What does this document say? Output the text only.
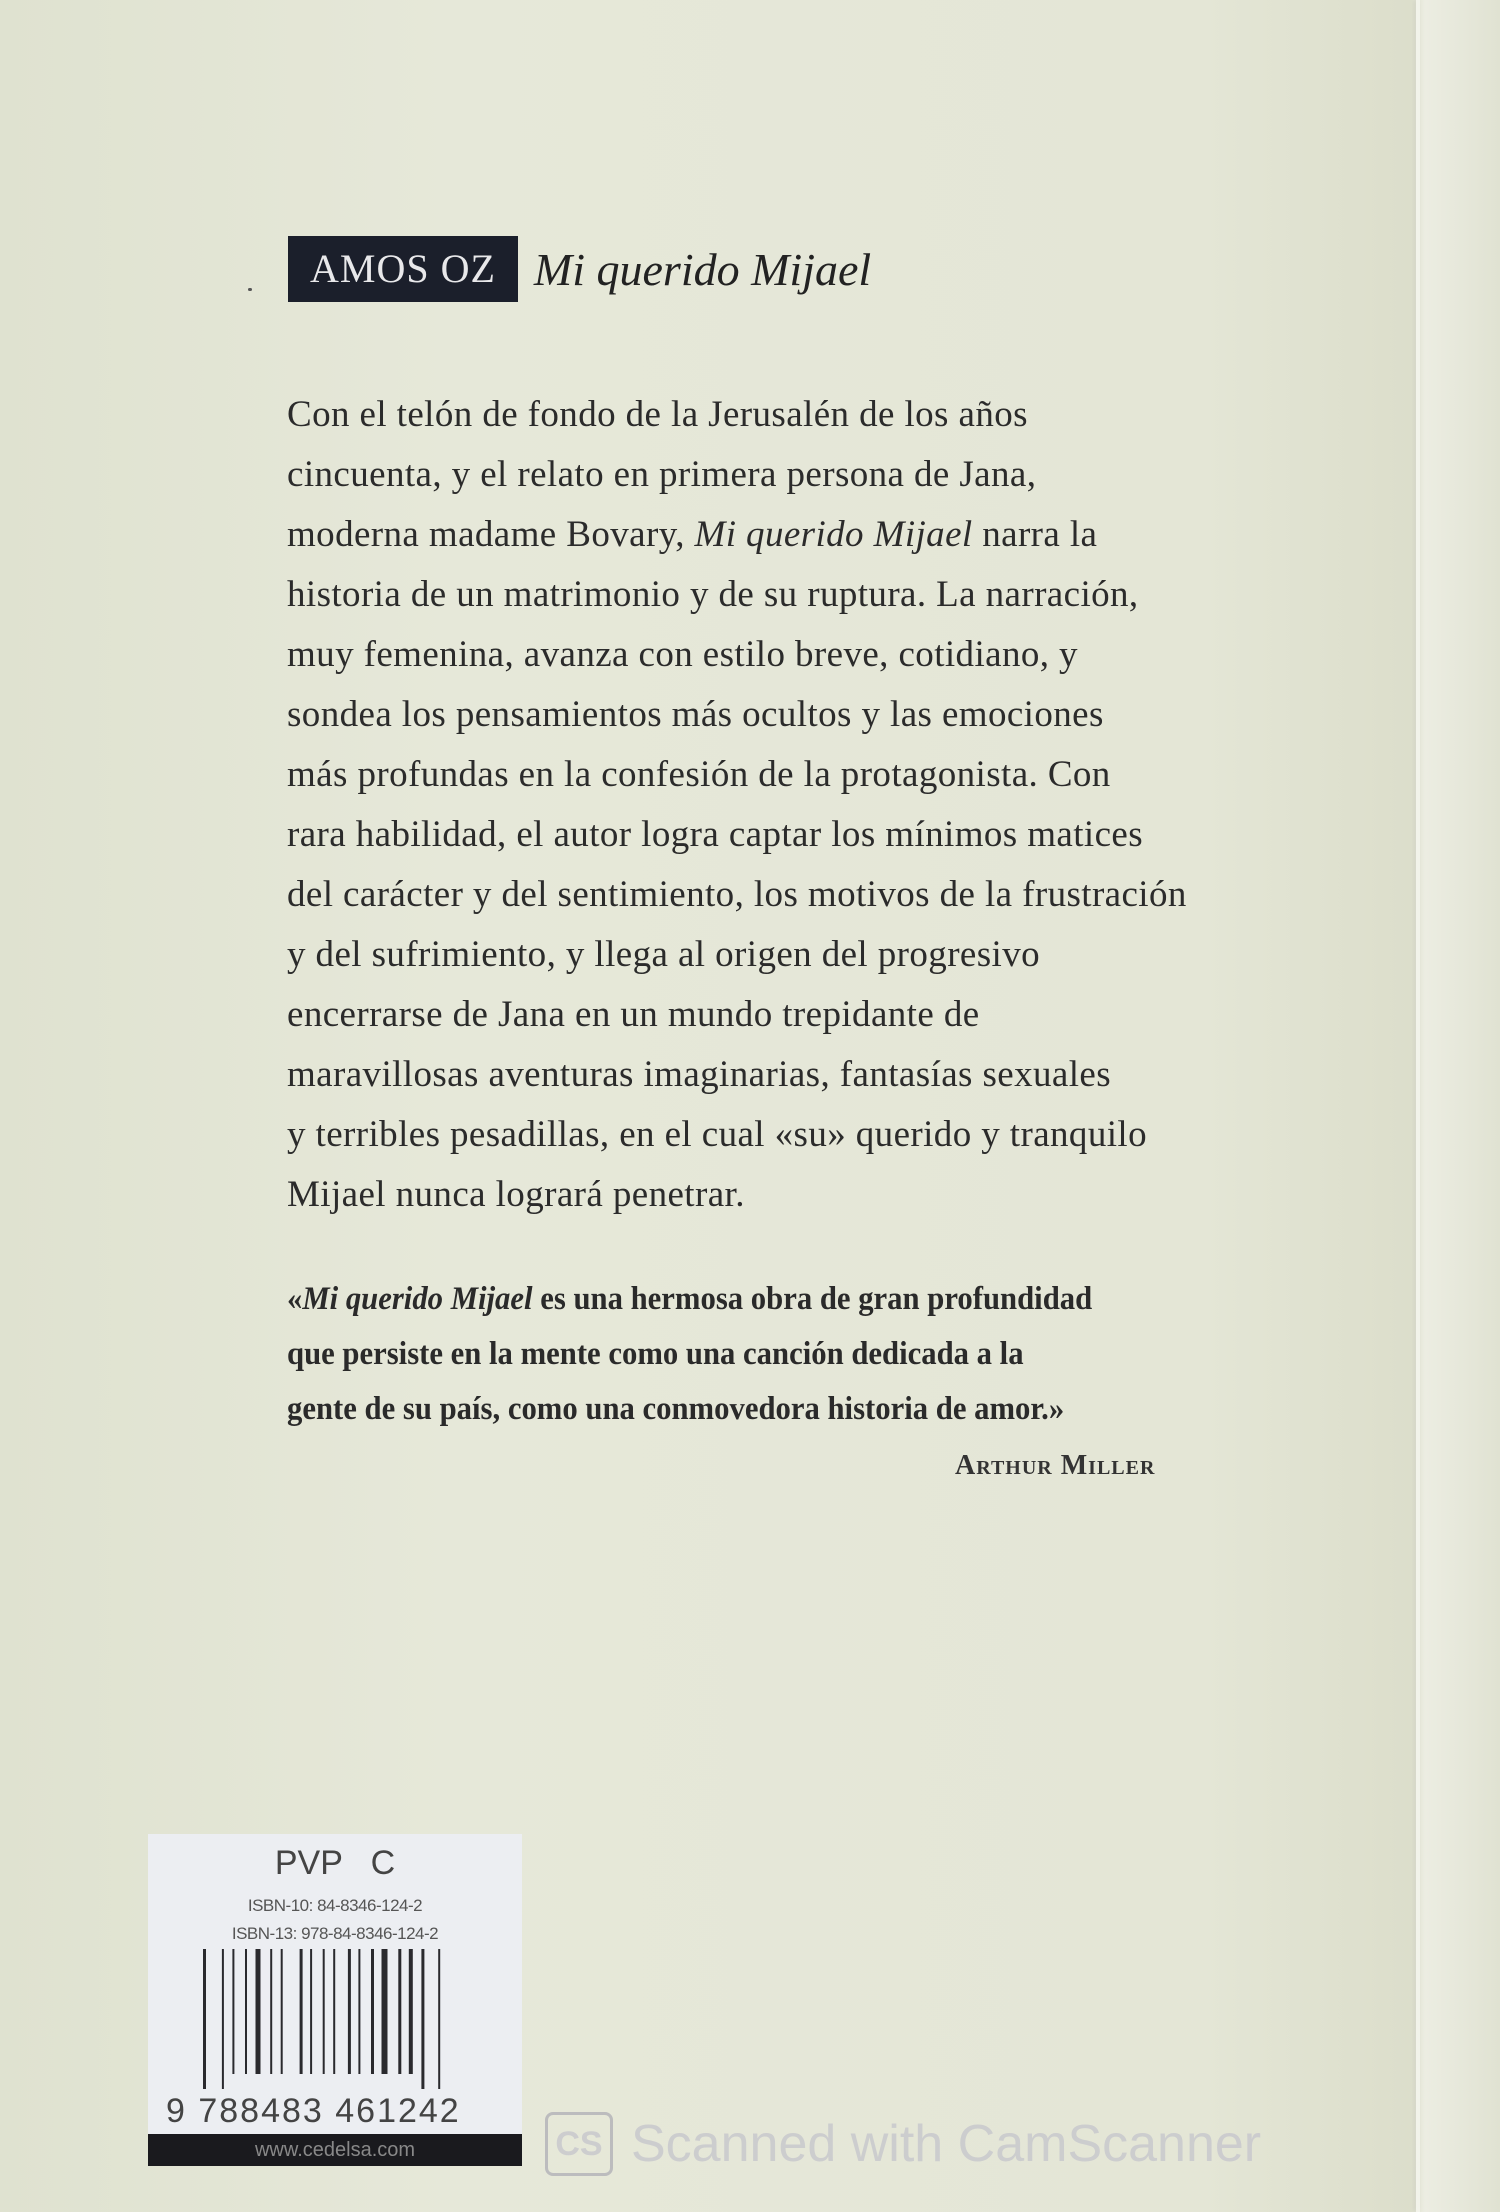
AMOS OZ Mi querido Mijael
Con el telón de fondo de la Jerusalén de los años
cincuenta, y el relato en primera persona de Jana,
moderna madame Bovary, Mi querido Mijael narra la
historia de un matrimonio y de su ruptura. La narración,
muy femenina, avanza con estilo breve, cotidiano, y
sondea los pensamientos más ocultos y las emociones
más profundas en la confesión de la protagonista. Con
rara habilidad, el autor logra captar los mínimos matices
del carácter y del sentimiento, los motivos de la frustración
y del sufrimiento, y llega al origen del progresivo
encerrarse de Jana en un mundo trepidante de
maravillosas aventuras imaginarias, fantasías sexuales
y terribles pesadillas, en el cual «su» querido y tranquilo
Mijael nunca logrará penetrar.
«Mi querido Mijael es una hermosa obra de gran profundidad
que persiste en la mente como una canción dedicada a la
gente de su país, como una conmovedora historia de amor.»
Arthur Miller
PVP   C
ISBN-10: 84-8346-124-2
ISBN-13: 978-84-8346-124-2
9 788483 461242
www.cedelsa.com	CS Scanned with CamScanner
